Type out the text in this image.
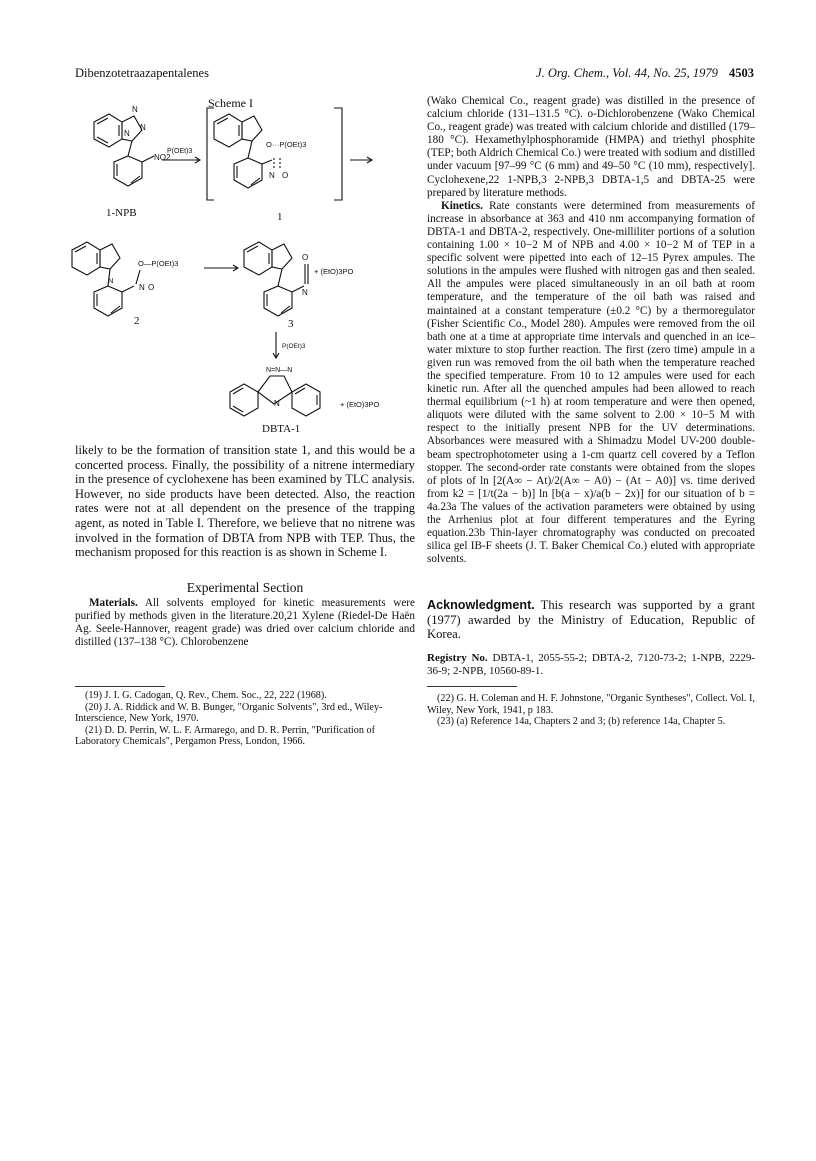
Dibenzotetraazapentalenes	J. Org. Chem., Vol. 44, No. 25, 1979 4503
Scheme I
N
N
N
NO2
P(OEt)3
O···P(OEt)3
N O
N
O—P(OEt)3
N O
O
N
+ (EtO)3PO
P(OEt)3
N=N—N
N	+ (EtO)3PO
1-NPB	1
2	3
DBTA-1

likely to be the formation of transition state 1, and this would be a concerted process. Finally, the possibility of a nitrene intermediary in the presence of cyclohexene has been examined by TLC analysis. However, no side products have been detected. Also, the reaction rates were not at all dependent on the presence of the trapping agent, as noted in Table I. Therefore, we believe that no nitrene was involved in the formation of DBTA from NPB with TEP. Thus, the mechanism proposed for this reaction is as shown in Scheme I.

Experimental Section

Materials. All solvents employed for kinetic measurements were purified by methods given in the literature.20,21 Xylene (Riedel-De Haën Ag. Seele-Hannover, reagent grade) was dried over calcium chloride and distilled (137–138 °C). Chlorobenzene

(Wako Chemical Co., reagent grade) was distilled in the presence of calcium chloride (131–131.5 °C). o-Dichlorobenzene (Wako Chemical Co., reagent grade) was treated with calcium chloride and distilled (179–180 °C). Hexamethylphosphoramide (HMPA) and triethyl phosphite (TEP; both Aldrich Chemical Co.) were treated with sodium and distilled under vacuum [97–99 °C (6 mm) and 49–50 °C (10 mm), respectively]. Cyclohexene,22 1-NPB,3 2-NPB,3 DBTA-1,5 and DBTA-25 were prepared by literature methods.

Kinetics. Rate constants were determined from measurements of increase in absorbance at 363 and 410 nm accompanying formation of DBTA-1 and DBTA-2, respectively. One-milliliter portions of a solution containing 1.00 × 10−2 M of NPB and 4.00 × 10−2 M of TEP in a specific solvent were pipetted into each of 12–15 Pyrex ampules. The solutions in the ampules were flushed with nitrogen gas and then sealed. All the ampules were placed simultaneously in an oil bath at room temperature, and the temperature of the oil bath was raised and maintained at a constant temperature (±0.2 °C) by a thermoregulator (Fisher Scientific Co., Model 280). Ampules were removed from the oil bath one at a time at appropriate time intervals and quenched in an ice–water mixture to stop further reaction. The first (zero time) ampule in a given run was removed from the oil bath when the temperature reached the specified temperature. From 10 to 12 ampules were used for each kinetic run. After all the quenched ampules had been allowed to reach thermal equilibrium (~1 h) at room temperature and were then opened, aliquots were diluted with the same solvent to 2.00 × 10−5 M with respect to the initially present NPB for the UV determinations. Absorbances were measured with a Shimadzu Model UV-200 double-beam spectrophotometer using a 1-cm quartz cell covered by a Teflon stopper. The second-order rate constants were obtained from the slopes of plots of ln [2(A∞ − At)/2(A∞ − A0) − (At − A0)] vs. time derived from k2 = [1/t(2a − b)] ln [b(a − x)/a(b − 2x)] for our situation of b = 4a.23a The values of the activation parameters were obtained by using the Arrhenius plot at four different temperatures and the Eyring equation.23b Thin-layer chromatography was conducted on precoated silica gel IB-F sheets (J. T. Baker Chemical Co.) eluted with appropriate solvents.

Acknowledgment. This research was supported by a grant (1977) awarded by the Ministry of Education, Republic of Korea.
Registry No. DBTA-1, 2055-55-2; DBTA-2, 7120-73-2; 1-NPB, 2229-36-9; 2-NPB, 10560-89-1.

(19) J. I. G. Cadogan, Q. Rev., Chem. Soc., 22, 222 (1968).

(20) J. A. Riddick and W. B. Bunger, "Organic Solvents", 3rd ed., Wiley-Interscience, New York, 1970.

(21) D. D. Perrin, W. L. F. Armarego, and D. R. Perrin, "Purification of Laboratory Chemicals", Pergamon Press, London, 1966.

(22) G. H. Coleman and H. F. Johnstone, "Organic Syntheses", Collect. Vol. I, Wiley, New York, 1941, p 183.

(23) (a) Reference 14a, Chapters 2 and 3; (b) reference 14a, Chapter 5.
